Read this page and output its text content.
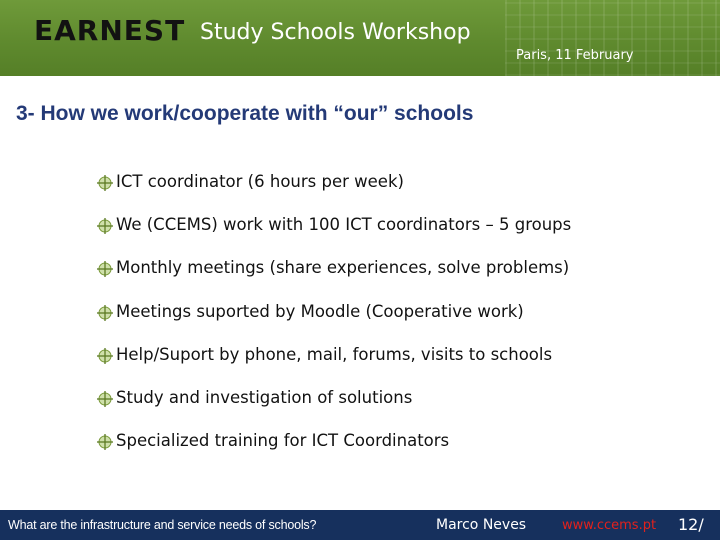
EARNEST Study Schools Workshop
Paris, 11 February
3- How we work/cooperate with “our” schools
ICT coordinator (6 hours per week)
We (CCEMS) work with 100 ICT coordinators – 5 groups
Monthly meetings (share experiences, solve problems)
Meetings suported by Moodle (Cooperative work)
Help/Suport by phone, mail, forums, visits to schools
Study and investigation of solutions
Specialized training for ICT Coordinators
What are the infrastructure and service needs of schools?	Marco Neves	www.ccems.pt 12/
